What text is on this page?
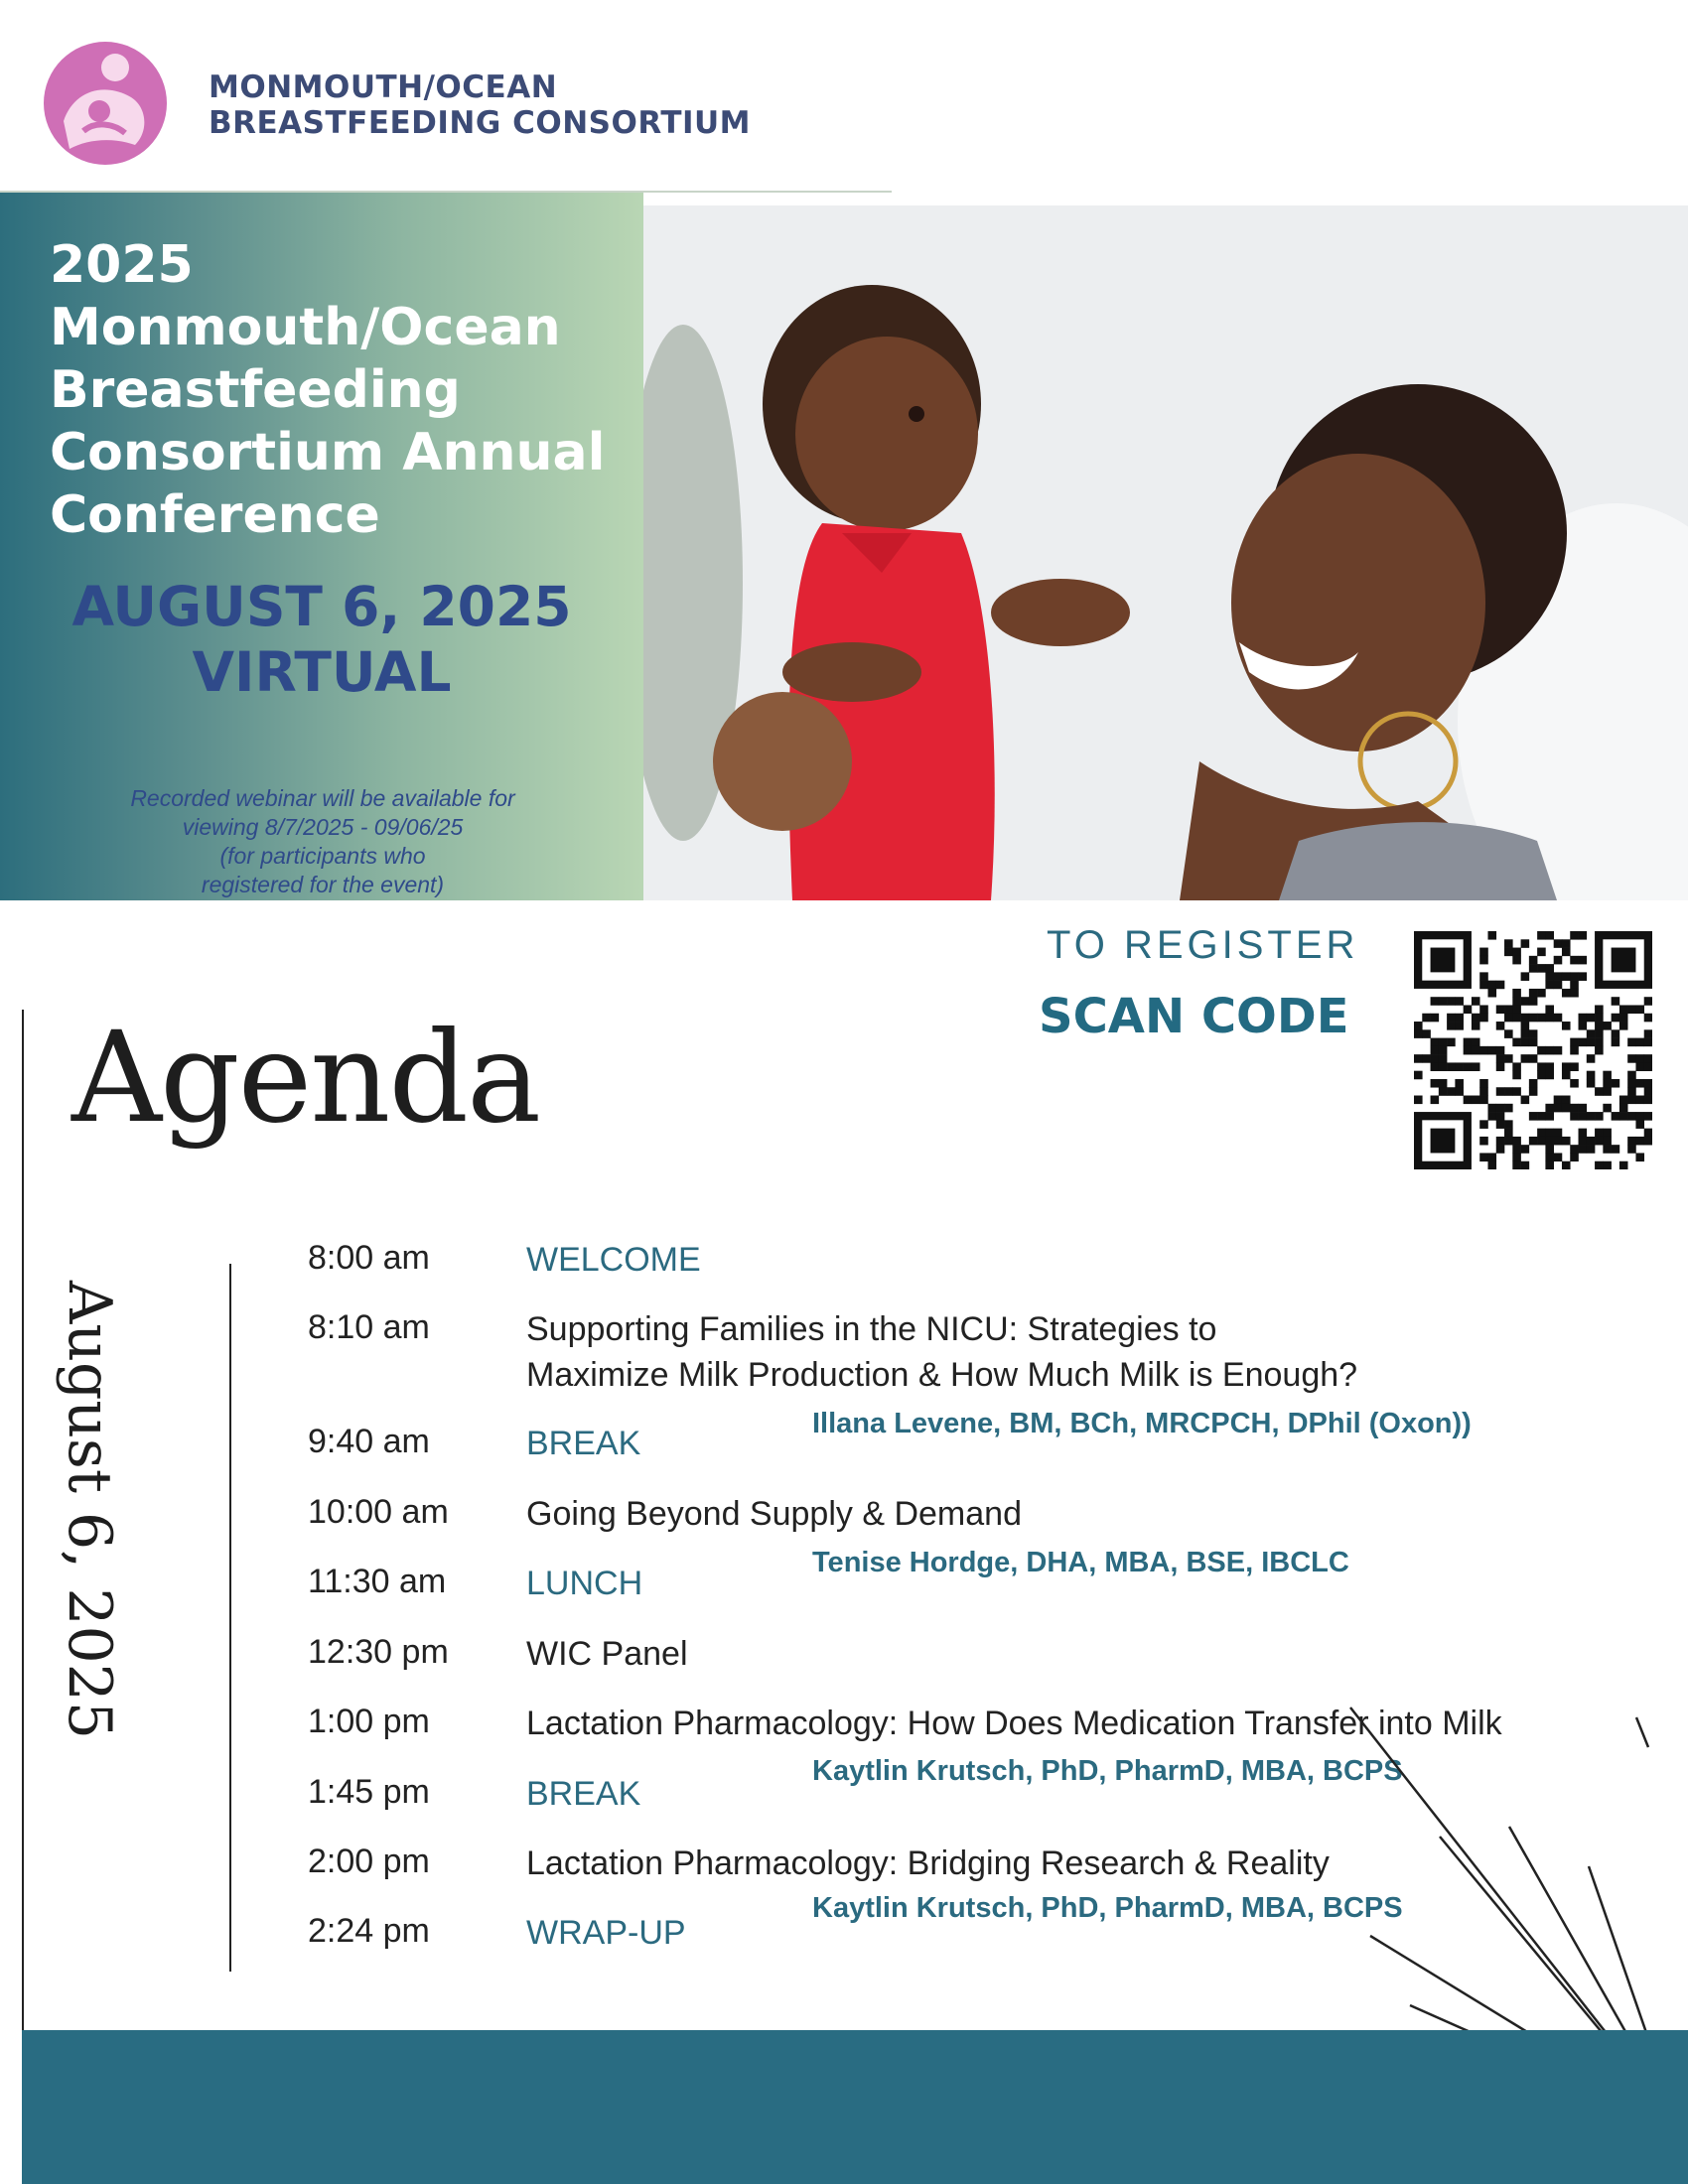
MONMOUTH/OCEAN
BREASTFEEDING CONSORTIUM
2025
Monmouth/Ocean
Breastfeeding
Consortium Annual
Conference
AUGUST 6, 2025
VIRTUAL
Recorded webinar will be available for
viewing 8/7/2025 - 09/06/25
(for participants who
registered for the event)
TO REGISTER
SCAN CODE
Agenda
August 6, 2025
8:00 am	WELCOME
8:10 am	Supporting Families in the NICU: Strategies to
Maximize Milk Production & How Much Milk is Enough?
Illana Levene, BM, BCh, MRCPCH, DPhil (Oxon))
9:40 am	BREAK
10:00 am Going Beyond Supply & Demand
Tenise Hordge, DHA, MBA, BSE, IBCLC
11:30 am LUNCH
12:30 pm WIC Panel
1:00 pm	Lactation Pharmacology: How Does Medication Transfer into Milk
Kaytlin Krutsch, PhD, PharmD, MBA, BCPS
1:45 pm	BREAK
2:00 pm	Lactation Pharmacology: Bridging Research & Reality
Kaytlin Krutsch, PhD, PharmD, MBA, BCPS
2:24 pm	WRAP-UP
